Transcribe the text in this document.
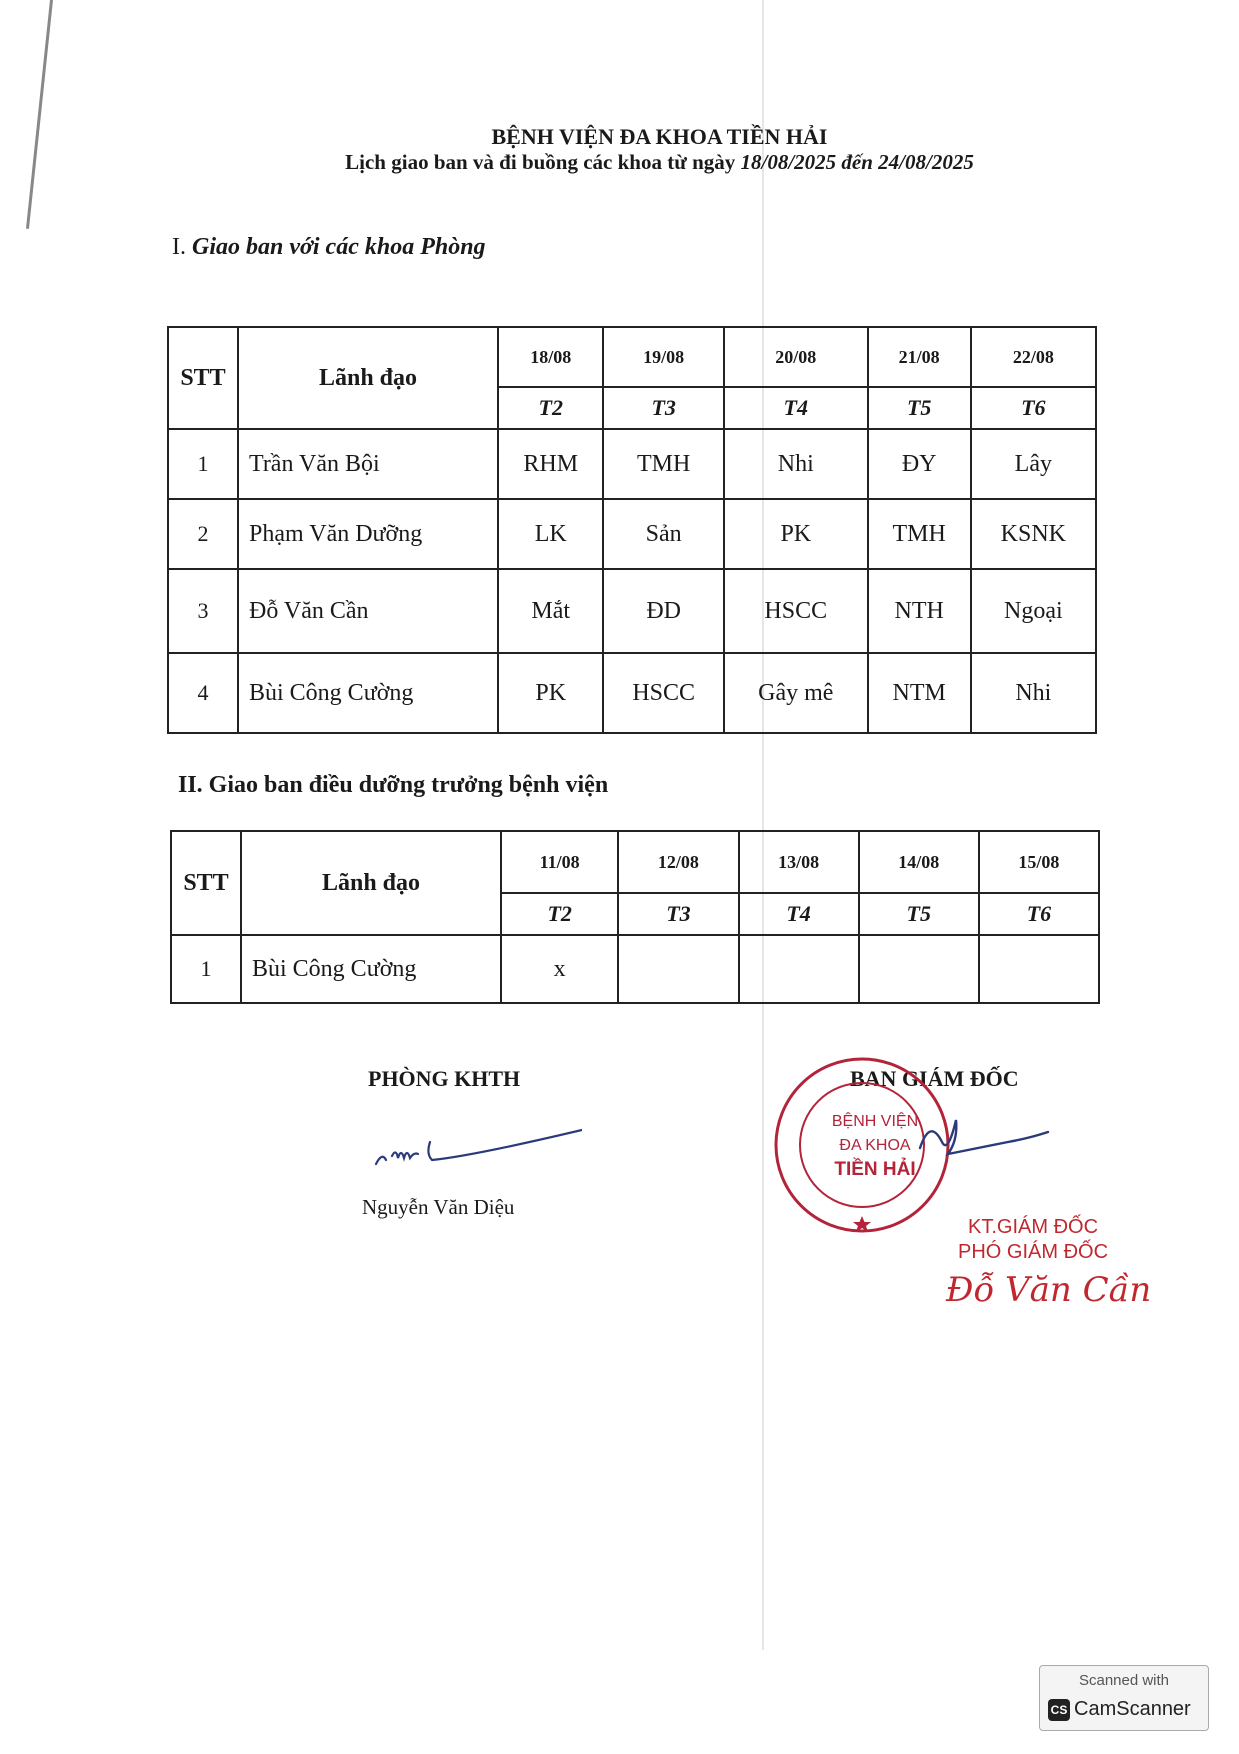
BỆNH VIỆN ĐA KHOA TIỀN HẢI
Lịch giao ban và đi buồng các khoa từ ngày 18/08/2025 đến 24/08/2025
I. Giao ban với các khoa Phòng
STT	Lãnh đạo	18/08	19/08	20/08	21/08	22/08
		T2	T3	T4	T5	T6
1	Trần Văn Bội	RHM	TMH	Nhi	ĐY	Lây
2	Phạm Văn Dưỡng	LK	Sản	PK	TMH	KSNK
3	Đỗ Văn Cần	Mắt	ĐD	HSCC	NTH	Ngoại
4	Bùi Công Cường	PK	HSCC	Gây mê	NTM	Nhi
II. Giao ban điều dưỡng trưởng bệnh viện
STT	Lãnh đạo	11/08	12/08	13/08	14/08	15/08
		T2	T3	T4	T5	T6
1	Bùi Công Cường	x				
PHÒNG KHTH
Nguyễn Văn Diệu
BAN GIÁM ĐỐC
BỆNH VIỆN
ĐA KHOA
TIỀN HẢI
KT.GIÁM ĐỐC
PHÓ GIÁM ĐỐC
Đỗ Văn Cần
Scanned with
CS CamScanner
